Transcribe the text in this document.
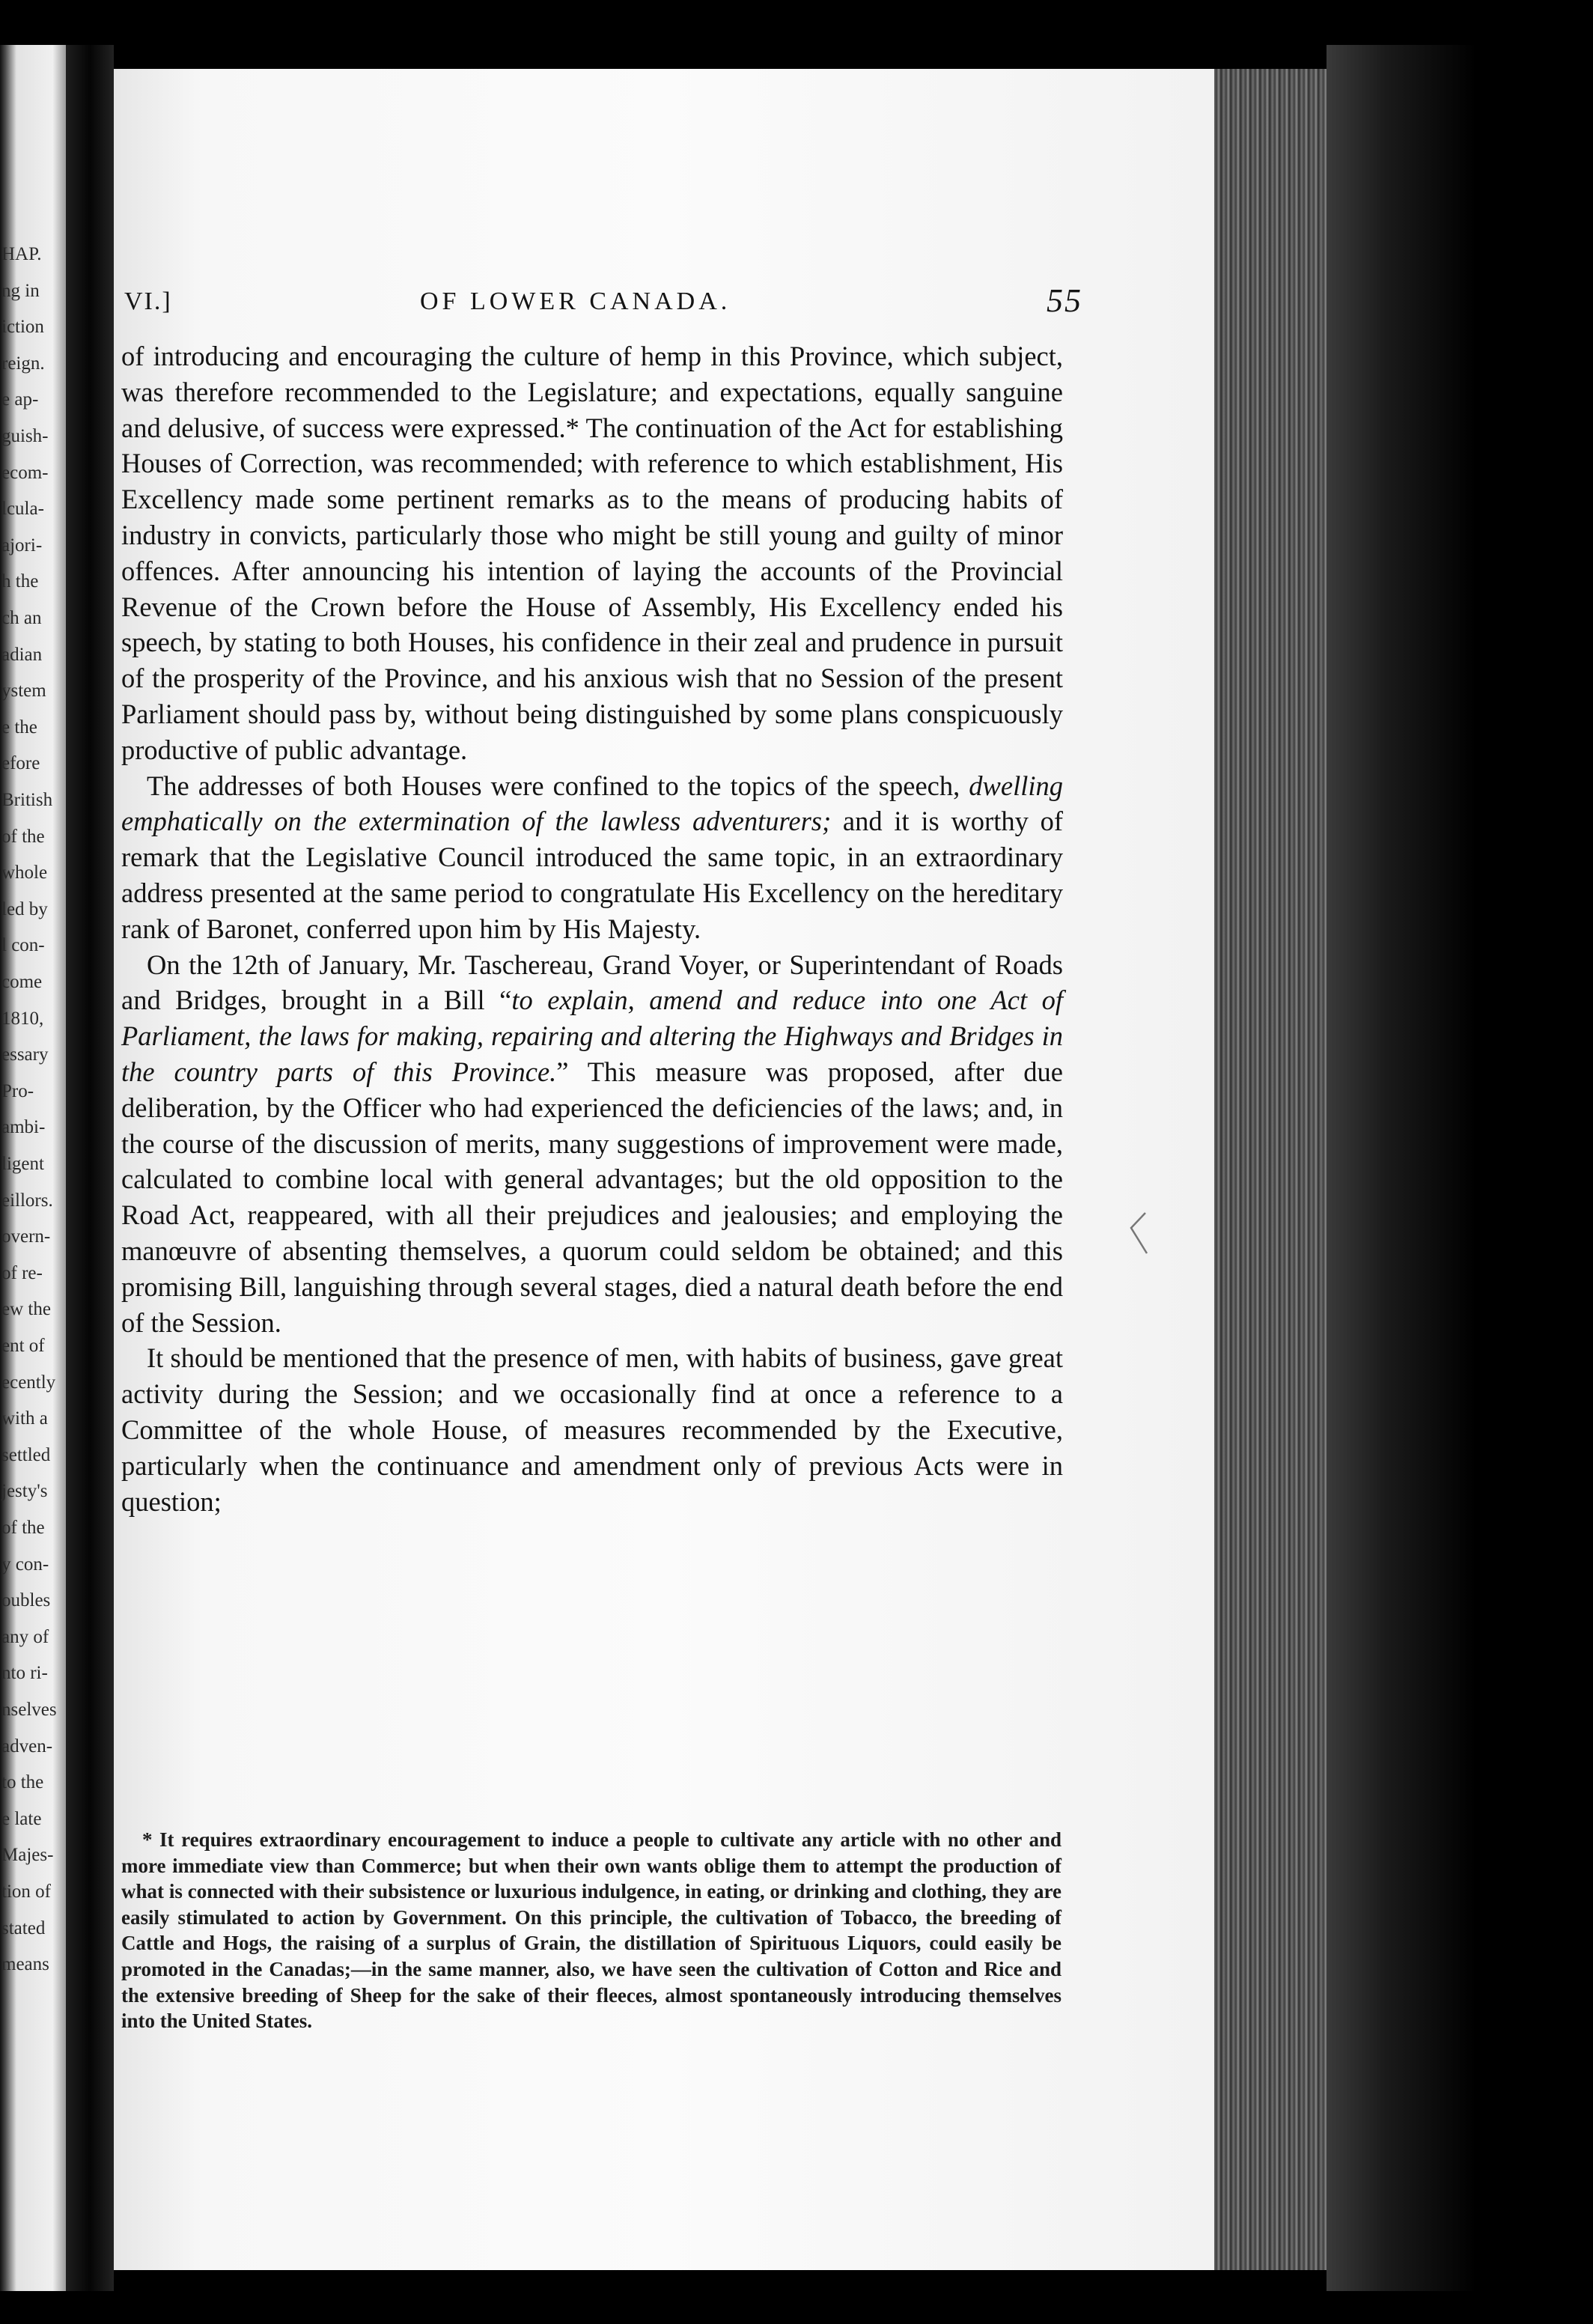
HAP.
ng in
iction
reign.
e ap-
guish-
ecom-
lcula-
ajori-
h the
ch an
adian
ystem
e the
efore
British
of the
whole
led by
l con-
come
1810,
essary
Pro-
ambi-
ligent
eillors.
overn-
of re-
ew the
ent of
ecently
with a
settled
jesty's
of the
y con-
oubles
any of
nto ri-
nselves
adven-
to the
e late
Majes-
tion of
stated
means
VI.]	OF LOWER CANADA.	55

of introducing and encouraging the culture of hemp in this Province, which subject, was therefore recommended to the Legislature; and expectations, equally sanguine and delusive, of success were expressed.* The continuation of the Act for establishing Houses of Correction, was recommended; with reference to which establishment, His Excellency made some pertinent remarks as to the means of producing habits of industry in convicts, particularly those who might be still young and guilty of minor offences. After announcing his intention of laying the accounts of the Provincial Revenue of the Crown before the House of Assembly, His Excellency ended his speech, by stating to both Houses, his confidence in their zeal and prudence in pursuit of the prosperity of the Province, and his anxious wish that no Session of the present Parliament should pass by, without being distinguished by some plans conspicuously productive of public advantage.

The addresses of both Houses were confined to the topics of the speech, dwelling emphatically on the extermination of the lawless adventurers; and it is worthy of remark that the Legislative Council introduced the same topic, in an extraordinary address presented at the same period to congratulate His Excellency on the hereditary rank of Baronet, conferred upon him by His Majesty.

On the 12th of January, Mr. Taschereau, Grand Voyer, or Superintendant of Roads and Bridges, brought in a Bill “to explain, amend and reduce into one Act of Parliament, the laws for making, repairing and altering the Highways and Bridges in the country parts of this Province.” This measure was proposed, after due deliberation, by the Officer who had experienced the deficiencies of the laws; and, in the course of the discussion of merits, many suggestions of improvement were made, calculated to combine local with general advantages; but the old opposition to the Road Act, reappeared, with all their prejudices and jealousies; and employing the manœuvre of absenting themselves, a quorum could seldom be obtained; and this promising Bill, languishing through several stages, died a natural death before the end of the Session.

It should be mentioned that the presence of men, with habits of business, gave great activity during the Session; and we occasionally find at once a reference to a Committee of the whole House, of measures recommended by the Executive, particularly when the continuance and amendment only of previous Acts were in question;

* It requires extraordinary encouragement to induce a people to cultivate any article with no other and more immediate view than Commerce; but when their own wants oblige them to attempt the production of what is connected with their subsistence or luxurious indulgence, in eating, or drinking and clothing, they are easily stimulated to action by Government. On this principle, the cultivation of Tobacco, the breeding of Cattle and Hogs, the raising of a surplus of Grain, the distillation of Spirituous Liquors, could easily be promoted in the Canadas;—in the same manner, also, we have seen the cultivation of Cotton and Rice and the extensive breeding of Sheep for the sake of their fleeces, almost spontaneously introducing themselves into the United States.
